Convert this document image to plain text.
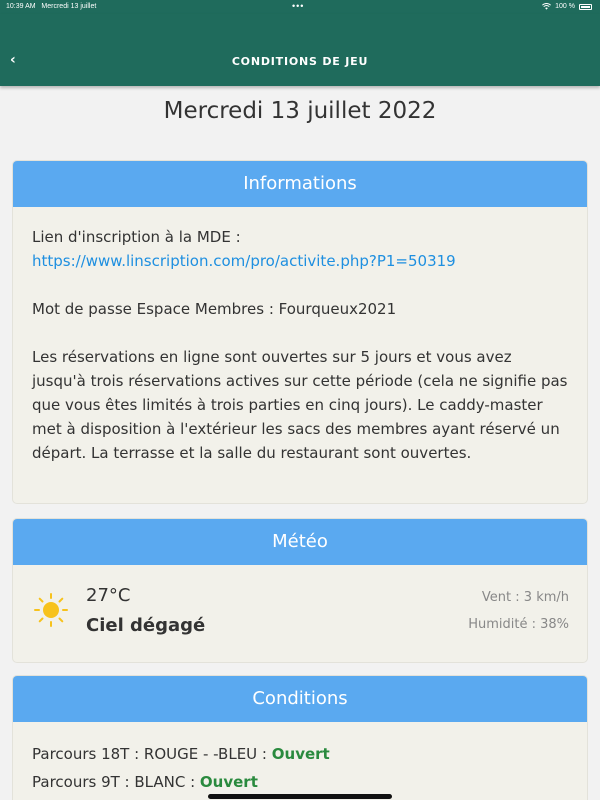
10:39 AM Mercredi 13 juillet	•••	100 %
‹	CONDITIONS DE JEU
Mercredi 13 juillet 2022
Informations
Lien d'inscription à la MDE :
https://www.linscription.com/pro/activite.php?P1=50319
Mot de passe Espace Membres : Fourqueux2021
Les réservations en ligne sont ouvertes sur 5 jours et vous avez jusqu'à trois réservations actives sur cette période (cela ne signifie pas que vous êtes limités à trois parties en cinq jours). Le caddy-master met à disposition à l'extérieur les sacs des membres ayant réservé un départ. La terrasse et la salle du restaurant sont ouvertes.
Météo
27°C
Ciel dégagé
Vent : 3 km/h
Humidité : 38%
Conditions
Parcours 18T : ROUGE - -BLEU : Ouvert
Parcours 9T : BLANC : Ouvert
